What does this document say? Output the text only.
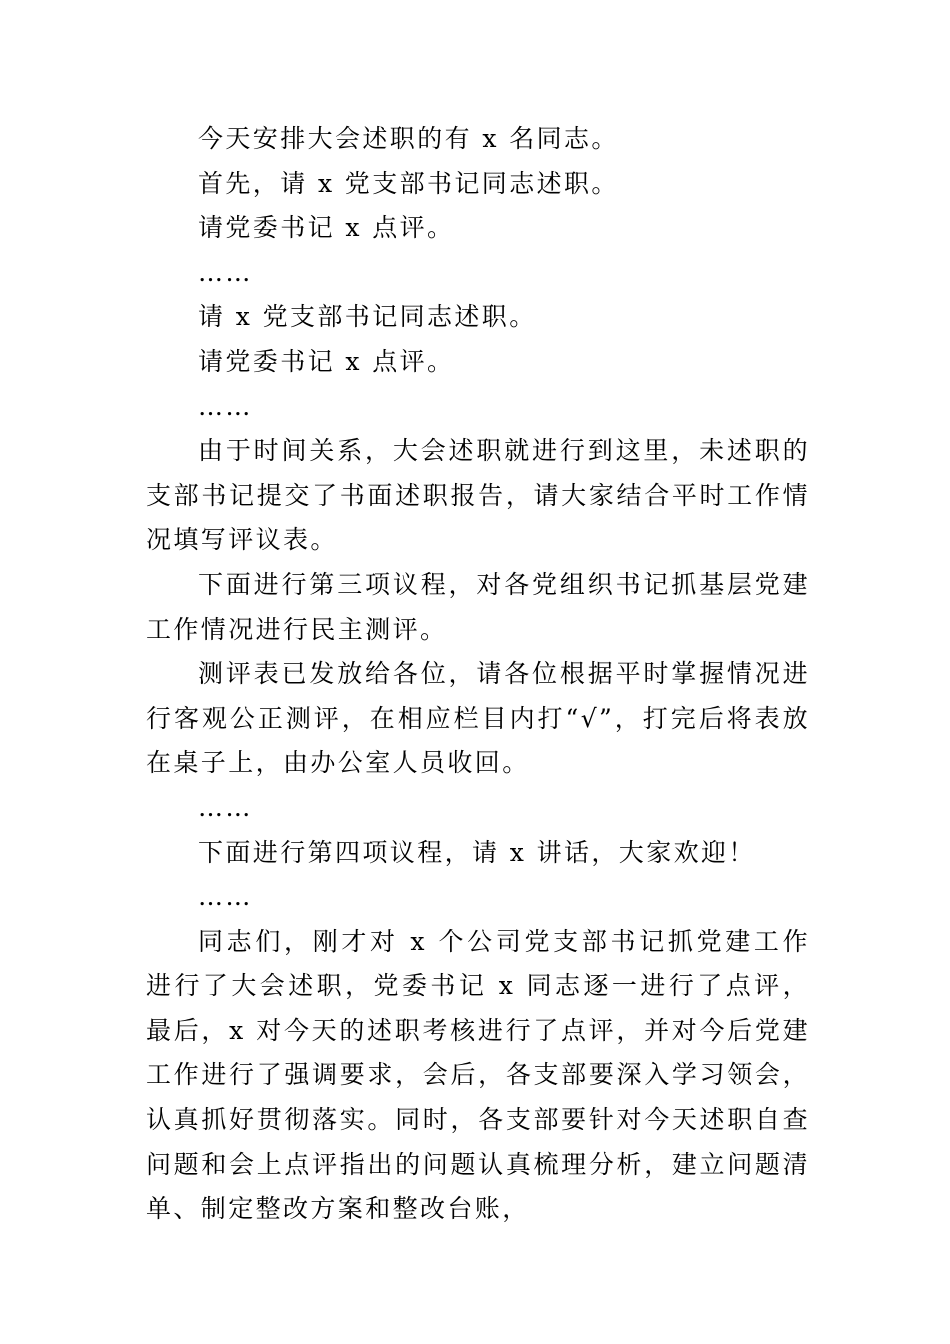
今天安排大会述职的有 x 名同志。

首先，请 x 党支部书记同志述职。

请党委书记 x 点评。

……

请 x 党支部书记同志述职。

请党委书记 x 点评。

……

由于时间关系，大会述职就进行到这里，未述职的支部书记提交了书面述职报告，请大家结合平时工作情况填写评议表。

下面进行第三项议程，对各党组织书记抓基层党建工作情况进行民主测评。

测评表已发放给各位，请各位根据平时掌握情况进行客观公正测评，在相应栏目内打“√”，打完后将表放在桌子上，由办公室人员收回。

……

下面进行第四项议程，请 x 讲话，大家欢迎！

……

同志们，刚才对 x 个公司党支部书记抓党建工作进行了大会述职，党委书记 x 同志逐一进行了点评，最后，x 对今天的述职考核进行了点评，并对今后党建工作进行了强调要求，会后，各支部要深入学习领会，认真抓好贯彻落实。同时，各支部要针对今天述职自查问题和会上点评指出的问题认真梳理分析，建立问题清单、制定整改方案和整改台账，
